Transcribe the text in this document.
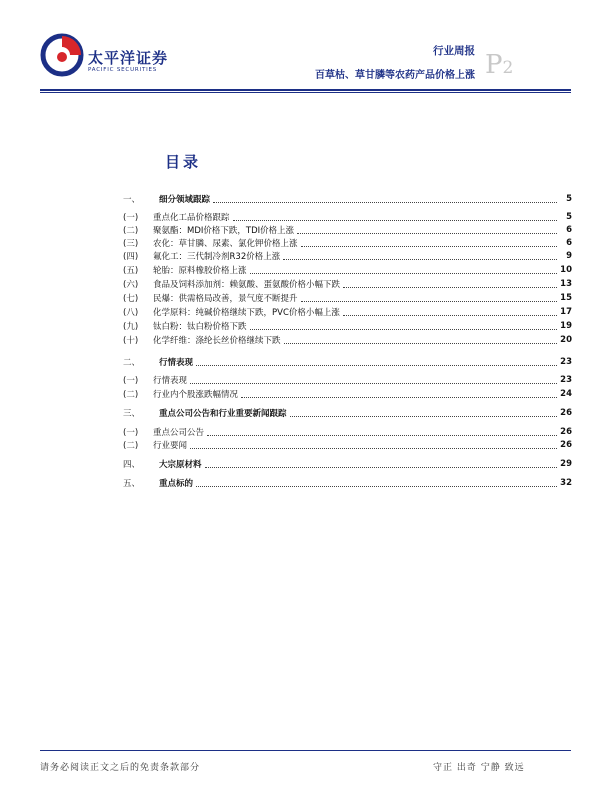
太平洋证券
PACIFIC SECURITIES
行业周报
百草枯、草甘膦等农药产品价格上涨 P2
目录
一、	细分领域跟踪	5
(一)	重点化工品价格跟踪	5
(二)	聚氨酯：MDI价格下跌，TDI价格上涨	6
(三)	农化：草甘膦、尿素、氯化钾价格上涨	6
(四)	氟化工：三代制冷剂R32价格上涨	9
(五)	轮胎：原料橡胶价格上涨	10
(六)	食品及饲料添加剂：赖氨酸、蛋氨酸价格小幅下跌	13
(七)	民爆：供需格局改善，景气度不断提升	15
(八)	化学原料：纯碱价格继续下跌，PVC价格小幅上涨	17
(九)	钛白粉：钛白粉价格下跌	19
(十)	化学纤维：涤纶长丝价格继续下跌	20
二、	行情表现	23
(一)	行情表现	23
(二)	行业内个股涨跌幅情况	24
三、	重点公司公告和行业重要新闻跟踪	26
(一)	重点公司公告	26
(二)	行业要闻	26
四、	大宗原材料	29
五、	重点标的	32
请务必阅读正文之后的免责条款部分	守正 出奇 宁静 致远
